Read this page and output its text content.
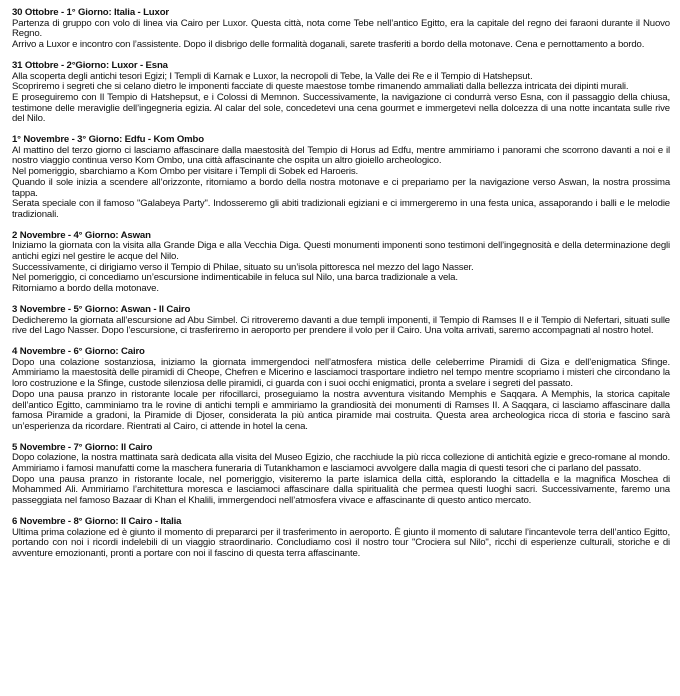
30 Ottobre - 1° Giorno: Italia - Luxor
Partenza di gruppo con volo di linea via Cairo per Luxor. Questa città, nota come Tebe nell’antico Egitto, era la capitale del regno dei faraoni durante il Nuovo Regno.
Arrivo a Luxor e incontro con l’assistente. Dopo il disbrigo delle formalità doganali, sarete trasferiti a bordo della motonave. Cena e pernottamento a bordo.
31 Ottobre - 2°Giorno: Luxor - Esna
Alla scoperta degli antichi tesori Egizi; I Templi di Karnak e Luxor, la necropoli di Tebe, la Valle dei Re e il Tempio di Hatshepsut.
Scopriremo i segreti che si celano dietro le imponenti facciate di queste maestose tombe rimanendo ammaliati dalla bellezza intricata dei dipinti murali.
E proseguiremo con Il Tempio di Hatshepsut, e i Colossi di Memnon. Successivamente, la navigazione ci condurrà verso Esna, con il passaggio della chiusa, testimone delle meraviglie dell’ingegneria egizia. Al calar del sole, concedetevi una cena gourmet e immergetevi nella dolcezza di una notte incantata sulle rive del Nilo.
1° Novembre - 3° Giorno: Edfu - Kom Ombo
Al mattino del terzo giorno ci lasciamo affascinare dalla maestosità del Tempio di Horus ad Edfu, mentre ammiriamo i panorami che scorrono davanti a noi e il nostro viaggio continua verso Kom Ombo, una città affascinante che ospita un altro gioiello archeologico.
Nel pomeriggio, sbarchiamo a Kom Ombo per visitare i Templi di Sobek ed Haroeris.
Quando il sole inizia a scendere all’orizzonte, ritorniamo a bordo della nostra motonave e ci prepariamo per la navigazione verso Aswan, la nostra prossima tappa.
Serata speciale con il famoso "Galabeya Party". Indosseremo gli abiti tradizionali egiziani e ci immergeremo in una festa unica, assaporando i balli e le melodie tradizionali.
2 Novembre - 4° Giorno: Aswan
Iniziamo la giornata con la visita alla Grande Diga e alla Vecchia Diga. Questi monumenti imponenti sono testimoni dell’ingegnosità e della determinazione degli antichi egizi nel gestire le acque del Nilo.
Successivamente, ci dirigiamo verso il Tempio di Philae, situato su un’isola pittoresca nel mezzo del lago Nasser.
Nel pomeriggio, ci concediamo un’escursione indimenticabile in feluca sul Nilo, una barca tradizionale a vela.
Ritorniamo a bordo della motonave.
3 Novembre - 5° Giorno: Aswan - Il Cairo
Dedicheremo la giornata all’escursione ad Abu Simbel. Ci ritroveremo davanti a due templi imponenti, il Tempio di Ramses II e il Tempio di Nefertari, situati sulle rive del Lago Nasser. Dopo l’escursione, ci trasferiremo in aeroporto per prendere il volo per il Cairo. Una volta arrivati, saremo accompagnati al nostro hotel.
4 Novembre - 6° Giorno: Cairo
Dopo una colazione sostanziosa, iniziamo la giornata immergendoci nell’atmosfera mistica delle celeberrime Piramidi di Giza e dell’enigmatica Sfinge. Ammiriamo la maestosità delle piramidi di Cheope, Chefren e Micerino e lasciamoci trasportare indietro nel tempo mentre scopriamo i misteri che circondano la loro costruzione e la Sfinge, custode silenziosa delle piramidi, ci guarda con i suoi occhi enigmatici, pronta a svelare i segreti del passato.
Dopo una pausa pranzo in ristorante locale per rifocillarci, proseguiamo la nostra avventura visitando Memphis e Saqqara. A Memphis, la storica capitale dell’antico Egitto, camminiamo tra le rovine di antichi templi e ammiriamo la grandiosità dei monumenti di Ramses II. A Saqqara, ci lasciamo affascinare dalla famosa Piramide a gradoni, la Piramide di Djoser, considerata la più antica piramide mai costruita. Questa area archeologica ricca di storia e fascino sarà un’esperienza da ricordare. Rientrati al Cairo, ci attende in hotel la cena.
5 Novembre - 7° Giorno: Il Cairo
Dopo colazione, la nostra mattinata sarà dedicata alla visita del Museo Egizio, che racchiude la più ricca collezione di antichità egizie e greco-romane al mondo. Ammiriamo i famosi manufatti come la maschera funeraria di Tutankhamon e lasciamoci avvolgere dalla magia di questi tesori che ci parlano del passato.
Dopo una pausa pranzo in ristorante locale, nel pomeriggio, visiteremo la parte islamica della città, esplorando la cittadella e la magnifica Moschea di Mohammed Ali. Ammiriamo l’architettura moresca e lasciamoci affascinare dalla spiritualità che permea questi luoghi sacri. Successivamente, faremo una passeggiata nel famoso Bazaar di Khan el Khalili, immergendoci nell’atmosfera vivace e affascinante di questo antico mercato.
6 Novembre - 8° Giorno: Il Cairo - Italia
Ultima prima colazione ed è giunto il momento di prepararci per il trasferimento in aeroporto. È giunto il momento di salutare l’incantevole terra dell’antico Egitto, portando con noi i ricordi indelebili di un viaggio straordinario. Concludiamo così il nostro tour "Crociera sul Nilo", ricchi di esperienze culturali, storiche e di avventure emozionanti, pronti a portare con noi il fascino di questa terra affascinante.
